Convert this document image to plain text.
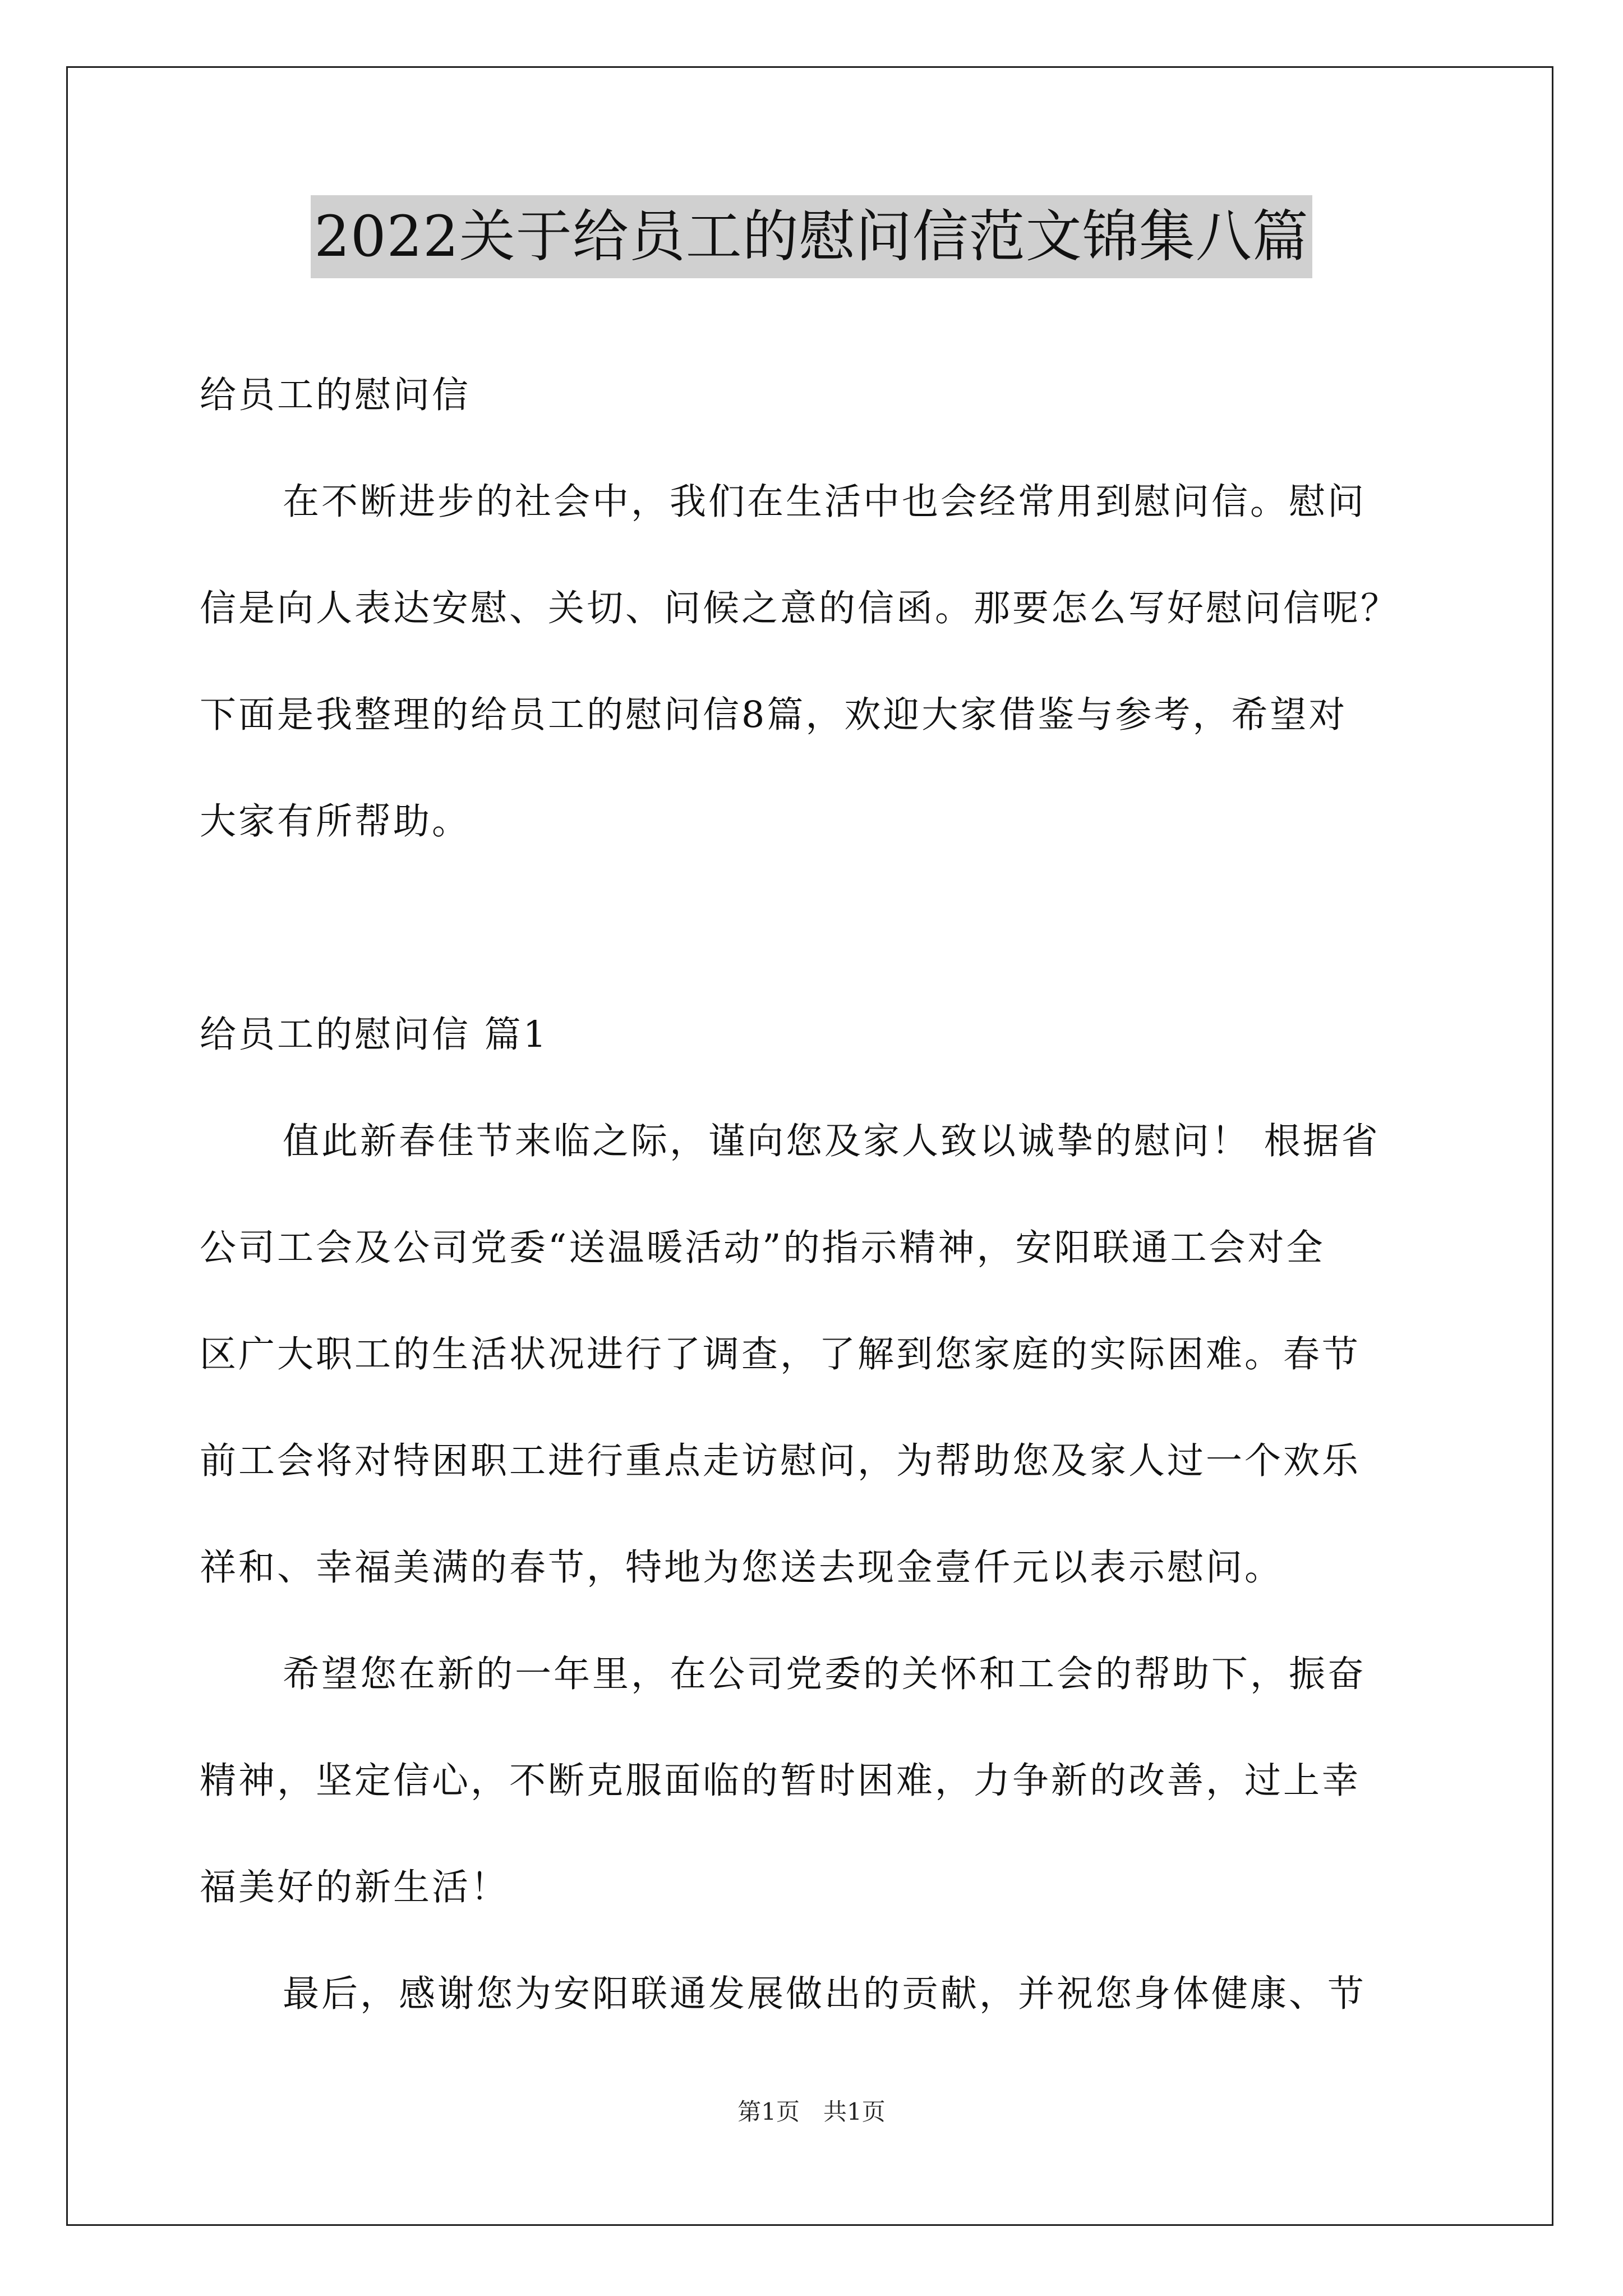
2022关于给员工的慰问信范文锦集八篇
给员工的慰问信
在不断进步的社会中，我们在生活中也会经常用到慰问信。慰问
信是向人表达安慰、关切、问候之意的信函。那要怎么写好慰问信呢？
下面是我整理的给员工的慰问信8篇，欢迎大家借鉴与参考，希望对
大家有所帮助。
给员工的慰问信 篇1
值此新春佳节来临之际，谨向您及家人致以诚挚的慰问！ 根据省
公司工会及公司党委“送温暖活动”的指示精神，安阳联通工会对全
区广大职工的生活状况进行了调查，了解到您家庭的实际困难。春节
前工会将对特困职工进行重点走访慰问，为帮助您及家人过一个欢乐
祥和、幸福美满的春节，特地为您送去现金壹仟元以表示慰问。
希望您在新的一年里，在公司党委的关怀和工会的帮助下，振奋
精神，坚定信心，不断克服面临的暂时困难，力争新的改善，过上幸
福美好的新生活！
最后，感谢您为安阳联通发展做出的贡献，并祝您身体健康、节
第1页 共1页
